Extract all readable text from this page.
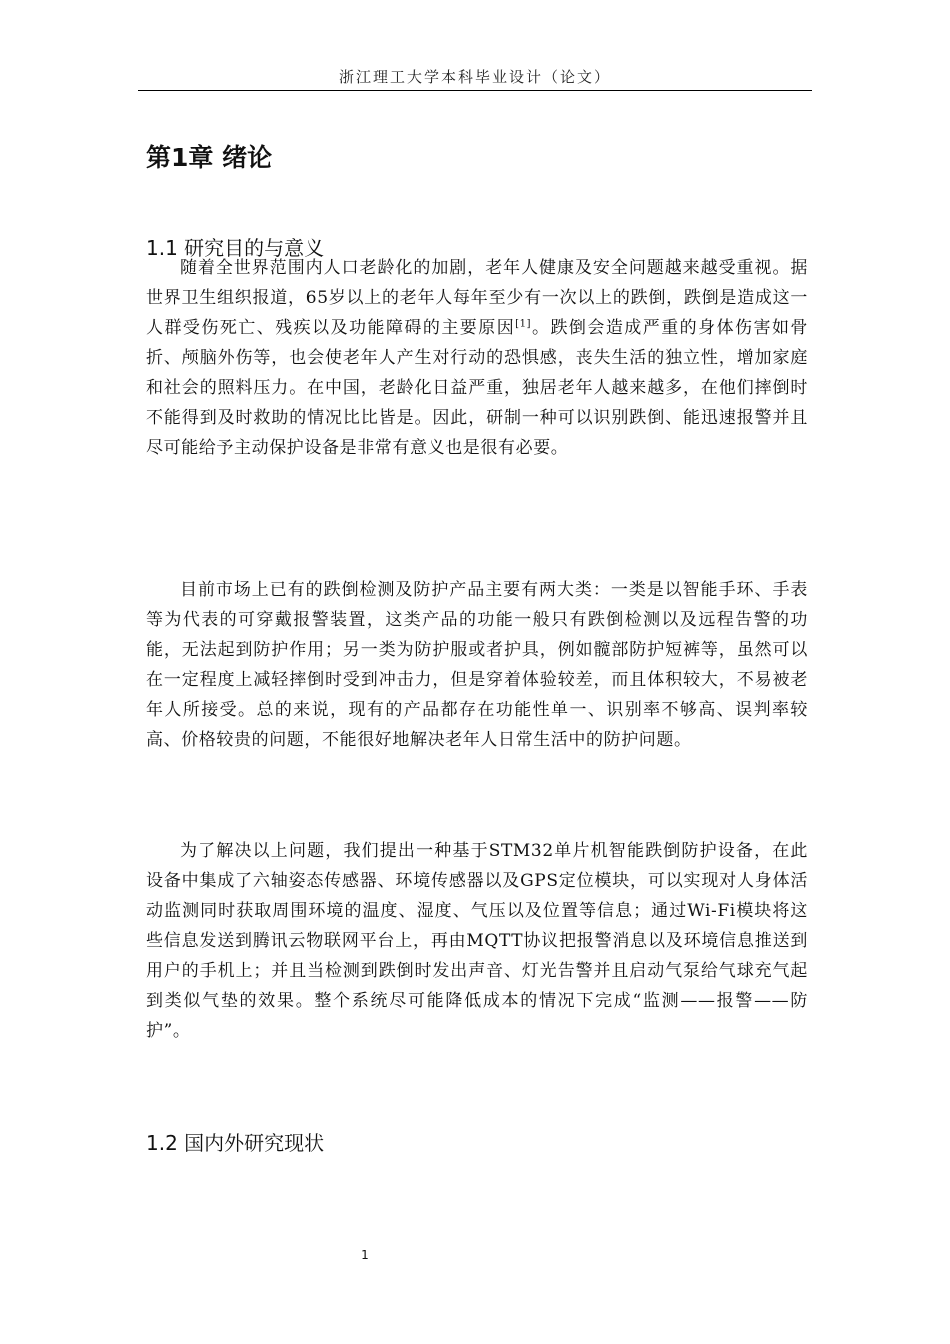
浙江理工大学本科毕业设计（论文）
第1章 绪论
1.1 研究目的与意义
随着全世界范围内人口老龄化的加剧，老年人健康及安全问题越来越受重视。据世界卫生组织报道，65岁以上的老年人每年至少有一次以上的跌倒，跌倒是造成这一人群受伤死亡、残疾以及功能障碍的主要原因[1]。跌倒会造成严重的身体伤害如骨折、颅脑外伤等，也会使老年人产生对行动的恐惧感，丧失生活的独立性，增加家庭和社会的照料压力。在中国，老龄化日益严重，独居老年人越来越多，在他们摔倒时不能得到及时救助的情况比比皆是。因此，研制一种可以识别跌倒、能迅速报警并且尽可能给予主动保护设备是非常有意义也是很有必要。
目前市场上已有的跌倒检测及防护产品主要有两大类：一类是以智能手环、手表等为代表的可穿戴报警装置，这类产品的功能一般只有跌倒检测以及远程告警的功能，无法起到防护作用；另一类为防护服或者护具，例如髋部防护短裤等，虽然可以在一定程度上减轻摔倒时受到冲击力，但是穿着体验较差，而且体积较大，不易被老年人所接受。总的来说，现有的产品都存在功能性单一、识别率不够高、误判率较高、价格较贵的问题，不能很好地解决老年人日常生活中的防护问题。
为了解决以上问题，我们提出一种基于STM32单片机智能跌倒防护设备，在此设备中集成了六轴姿态传感器、环境传感器以及GPS定位模块，可以实现对人身体活动监测同时获取周围环境的温度、湿度、气压以及位置等信息；通过Wi-Fi模块将这些信息发送到腾讯云物联网平台上，再由MQTT协议把报警消息以及环境信息推送到用户的手机上；并且当检测到跌倒时发出声音、灯光告警并且启动气泵给气球充气起到类似气垫的效果。整个系统尽可能降低成本的情况下完成“监测——报警——防护”。
1.2 国内外研究现状
1
